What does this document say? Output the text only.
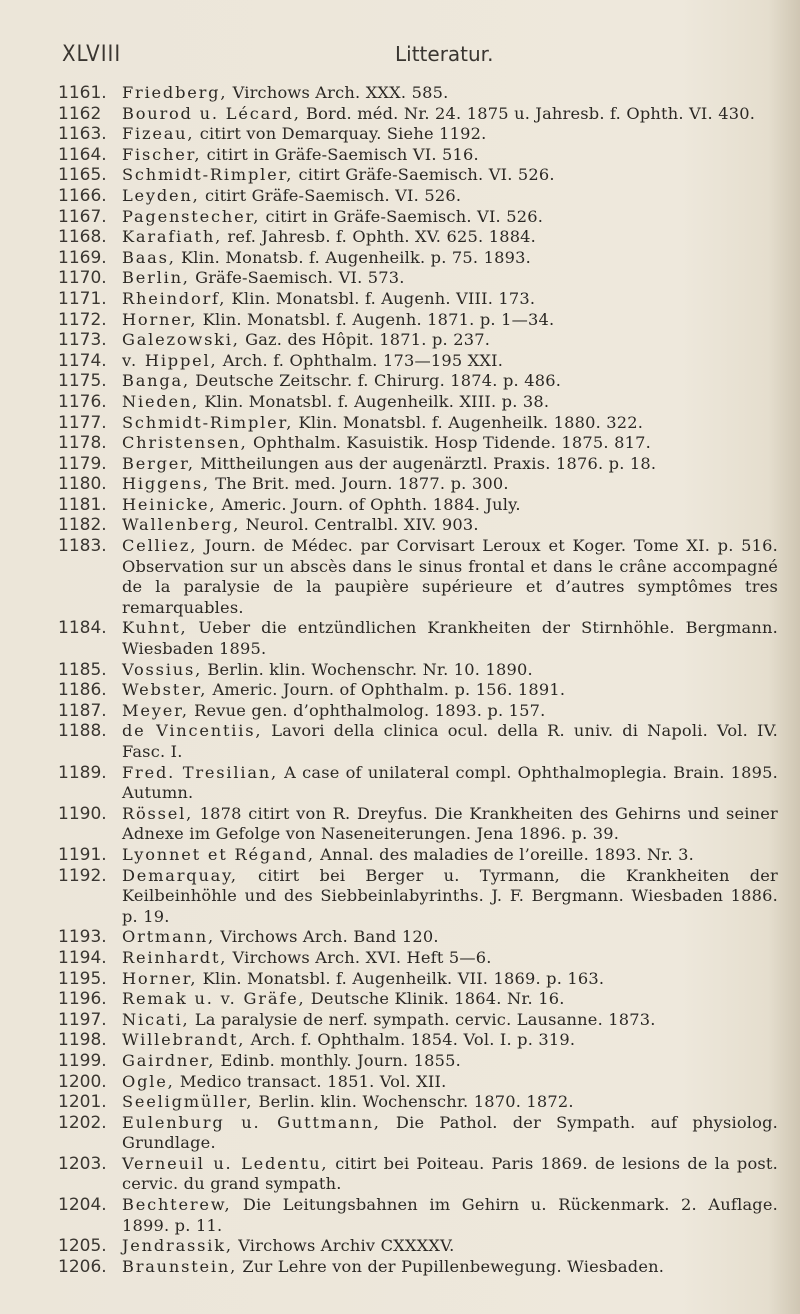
XLVIII	Litteratur.
1161. Friedberg, Virchows Arch. XXX. 585.
1162	Bourod u. Lécard, Bord. méd. Nr. 24. 1875 u. Jahresb. f. Ophth. VI. 430.
1163. Fizeau, citirt von Demarquay. Siehe 1192.
1164. Fischer, citirt in Gräfe-Saemisch VI. 516.
1165. Schmidt-Rimpler, citirt Gräfe-Saemisch. VI. 526.
1166. Leyden, citirt Gräfe-Saemisch. VI. 526.
1167. Pagenstecher, citirt in Gräfe-Saemisch. VI. 526.
1168. Karafiath, ref. Jahresb. f. Ophth. XV. 625. 1884.
1169. Baas, Klin. Monatsb. f. Augenheilk. p. 75. 1893.
1170. Berlin, Gräfe-Saemisch. VI. 573.
1171. Rheindorf, Klin. Monatsbl. f. Augenh. VIII. 173.
1172. Horner, Klin. Monatsbl. f. Augenh. 1871. p. 1—34.
1173. Galezowski, Gaz. des Hôpit. 1871. p. 237.
1174. v. Hippel, Arch. f. Ophthalm. 173—195 XXI.
1175. Banga, Deutsche Zeitschr. f. Chirurg. 1874. p. 486.
1176. Nieden, Klin. Monatsbl. f. Augenheilk. XIII. p. 38.
1177. Schmidt-Rimpler, Klin. Monatsbl. f. Augenheilk. 1880. 322.
1178. Christensen, Ophthalm. Kasuistik. Hosp Tidende. 1875. 817.
1179. Berger, Mittheilungen aus der augenärztl. Praxis. 1876. p. 18.
1180. Higgens, The Brit. med. Journ. 1877. p. 300.
1181. Heinicke, Americ. Journ. of Ophth. 1884. July.
1182. Wallenberg, Neurol. Centralbl. XIV. 903.
1183. Celliez, Journ. de Médec. par Corvisart Leroux et Koger. Tome XI. p. 516. Observation sur un abscès dans le sinus frontal et dans le crâne accompagné de la paralysie de la paupière supérieure et d’autres symptômes tres remarquables.
1184. Kuhnt, Ueber die entzündlichen Krankheiten der Stirnhöhle. Bergmann. Wiesbaden 1895.
1185. Vossius, Berlin. klin. Wochenschr. Nr. 10. 1890.
1186. Webster, Americ. Journ. of Ophthalm. p. 156. 1891.
1187. Meyer, Revue gen. d’ophthalmolog. 1893. p. 157.
1188. de Vincentiis, Lavori della clinica ocul. della R. univ. di Napoli. Vol. IV. Fasc. I.
1189. Fred. Tresilian, A case of unilateral compl. Ophthalmoplegia. Brain. 1895. Autumn.
1190. Rössel, 1878 citirt von R. Dreyfus. Die Krankheiten des Gehirns und seiner Adnexe im Gefolge von Naseneiterungen. Jena 1896. p. 39.
1191. Lyonnet et Régand, Annal. des maladies de l’oreille. 1893. Nr. 3.
1192. Demarquay, citirt bei Berger u. Tyrmann, die Krankheiten der Keilbeinhöhle und des Siebbeinlabyrinths. J. F. Bergmann. Wiesbaden 1886. p. 19.
1193. Ortmann, Virchows Arch. Band 120.
1194. Reinhardt, Virchows Arch. XVI. Heft 5—6.
1195. Horner, Klin. Monatsbl. f. Augenheilk. VII. 1869. p. 163.
1196. Remak u. v. Gräfe, Deutsche Klinik. 1864. Nr. 16.
1197. Nicati, La paralysie de nerf. sympath. cervic. Lausanne. 1873.
1198. Willebrandt, Arch. f. Ophthalm. 1854. Vol. I. p. 319.
1199. Gairdner, Edinb. monthly. Journ. 1855.
1200. Ogle, Medico transact. 1851. Vol. XII.
1201. Seeligmüller, Berlin. klin. Wochenschr. 1870. 1872.
1202. Eulenburg u. Guttmann, Die Pathol. der Sympath. auf physiolog. Grundlage.
1203. Verneuil u. Ledentu, citirt bei Poiteau. Paris 1869. de lesions de la post. cervic. du grand sympath.
1204. Bechterew, Die Leitungsbahnen im Gehirn u. Rückenmark. 2. Auflage. 1899. p. 11.
1205. Jendrassik, Virchows Archiv CXXXXV.
1206. Braunstein, Zur Lehre von der Pupillenbewegung. Wiesbaden.
